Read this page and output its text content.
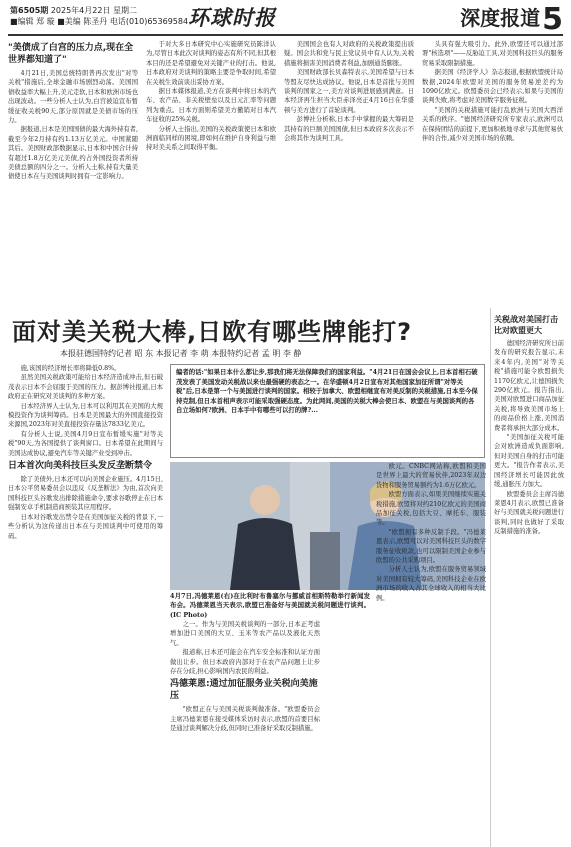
第6505期 2025年4月22日 星期二
■编辑 郑 璇 ■美编 陈圣丹 电话(010)65369584 环球时报	深度报道5
"美债成了白宫的压力点,现在全世界都知道了"

4月21日,美国总统特朗普再次发出"对等关税"措施后,全球金融市场剧烈动荡。美国国债收益率大幅上升,美元走软,日本和欧洲市场也出现波动。一些分析人士认为,白宫被迫宣布暂缓征收关税90天,部分原因就是美债市场的压力。

据报道,日本是美国国债的最大海外持有者,截至今年2月持有约1.13万亿美元。中国紧随其后。美国财政部数据显示,日本和中国合计持有超过1.8万亿美元美债,约占外国投资者所持美债总额的四分之一。分析人士称,持有大量美债使日本在与美国谈判时拥有一定影响力。

于对大多日本研究中心实施研究员陈洋认为,尽管日本此次对谈判的姿态有所不同,但其根本目的还是希望避免对关键产业的打击。他说,日本政府对美谈判的策略主要是争取时间,希望在关税生效前谈出妥协方案。

据日本媒体报道,美方在谈判中将日本的汽车、农产品、非关税壁垒以及日元汇率等问题列为重点。日本方面则希望美方撤销对日本汽车征收的25%关税。

分析人士指出,美国的关税政策使日本和欧洲面临同样的困境,即如何在维护自身利益与维持对美关系之间取得平衡。

美国国会也有人对政府的关税政策提出质疑。国会共和党与民主党议员中有人认为,关税措施将损害美国消费者利益,加剧通货膨胀。

美国财政部长贝森特表示,美国希望与日本等盟友尽快达成协议。他说,日本是首批与美国谈判的国家之一,美方对谈判进展感到满意。日本经济再生担当大臣赤泽亮正4月16日在华盛顿与美方进行了首轮谈判。

彭博社分析称,日本手中掌握的最大筹码是其持有的巨额美国国债,但日本政府多次表示不会将其作为谈判工具。

头具有强大吸引力。此外,欧盟还可以通过部署"核选项"——反胁迫工具,对美国科技巨头的服务贸易采取限制措施。

据美国《经济学人》杂志报道,根据欧盟统计局数据,2024年欧盟对美国的服务贸易逆差约为1090亿欧元。欧盟委员会已经表示,如果与美国的谈判失败,将考虑对美国数字服务征税。

"美国的关税措施可能打乱欧洲与美国大西洋关系的秩序。"德国经济研究所专家表示,欧洲可以在保持团结的前提下,更加积极地寻求与其他贸易伙伴的合作,减少对美国市场的依赖。

面对美关税大棒,日欧有哪些牌能打?
本报驻德国特约记者 昭 东 本报记者 李 萌 本报特约记者 孟 明 李 静
关税战对美国打击比对欧盟更大

德国经济研究所日前发布的研究报告显示,未来4年内,美国"对等关税"措施可能令欧盟损失1170亿欧元,让德国损失290亿欧元。报告指出,美国对欧盟进口商品加征关税,将导致美国市场上的商品价格上涨,美国消费者将承担大部分成本。

"美国加征关税可能会对欧洲造成负面影响,但对美国自身的打击可能更大。"报告作者表示,美国经济增长可能因此放缓,通胀压力加大。

欧盟委员会主席冯德莱恩4月表示,欧盟已准备好与美国就关税问题进行谈判,同时也做好了采取反制措施的准备。

施,该国的经济增长率将降低0.8%。

虽然美国关税政策可能给日本经济造成冲击,但石破茂表示日本不会屈服于美国的压力。据彭博社报道,日本政府正在研究对美谈判的多种方案。

日本经济界人士认为,日本可以利用其在美国的大规模投资作为谈判筹码。日本是美国最大的外国直接投资来源国,2023年对美直接投资存量达7833亿美元。

有分析人士说,美国4月9日宣布暂缓实施"对等关税"90天,为各国提供了谈判窗口。日本希望在此期间与美国达成协议,避免汽车等关键产业受到冲击。

日本首次向美科技巨头发反垄断禁令

除了美债外,日本还可以向美国企业施压。4月15日,日本公平贸易委员会以违反《反垄断法》为由,首次向美国科技巨头谷歌发出排除措施命令,要求谷歌停止在日本强制安卓手机制造商预装其应用程序。

日本对谷歌发出禁令是在美国加征关税的背景下,一些分析认为这传递出日本在与美国谈判中可使用的筹码。

编者的话:"如果日本什么都让步,那我们将无法保障我们的国家利益。"4月21日在国会会议上,日本首相石破茂发表了美国发动关税战以来也最强硬的表态之一。在华盛顿4月2日宣布对其他国家加征所谓"对等关税"后,日本是第一个与美国进行谈判的国家。相较于加拿大、欧盟相继宣布对美反制的关税措施,日本至今保持克制,但日本首相声表示可能采取强硬态度。为此网间,美国的关税大棒会使日本、欧盟在与美国谈判的各自立场如何?欧洲、日本手中有哪些可以打的牌?...
4月7日,冯德莱恩(右)在比利时布鲁塞尔与挪威首相斯特勒举行新闻发布会。冯德莱恩当天表示,欧盟已准备好与美国就关税问题进行谈判。(IC Photo)

之一。作为与美国关税谈判的一部分,日本正考虑增加进口美国的大豆、玉米等农产品以及液化天然气。

报道称,日本还可能会在汽车安全标准和认证方面做出让步。但日本政府内部对于在农产品问题上让步存在分歧,担心影响国内农民的利益。

冯德莱恩:通过加征服务业关税向美施压

"欧盟正在与美国关税谈判做准备。"欧盟委员会主席冯德莱恩在接受媒体采访时表示,欧盟的首要目标是通过谈判解决分歧,但同时已准备好采取反制措施。

欧元。CNBC网站称,欧盟和美国是世界上最大的贸易伙伴,2023年双边货物和服务贸易额约为1.6万亿欧元。

欧盟方面表示,如果美国继续实施关税措施,欧盟将对约210亿欧元的美国商品加征关税,包括大豆、摩托车、服装等。

"欧盟拥有多种反制手段。"冯德莱恩表示,欧盟可以对美国科技巨头的数字服务征收税款,也可以限制美国企业参与欧盟的公共采购项目。

分析人士认为,欧盟在服务贸易领域对美国拥有较大筹码,美国科技企业在欧洲市场的收入占其全球收入的相当大比例。
